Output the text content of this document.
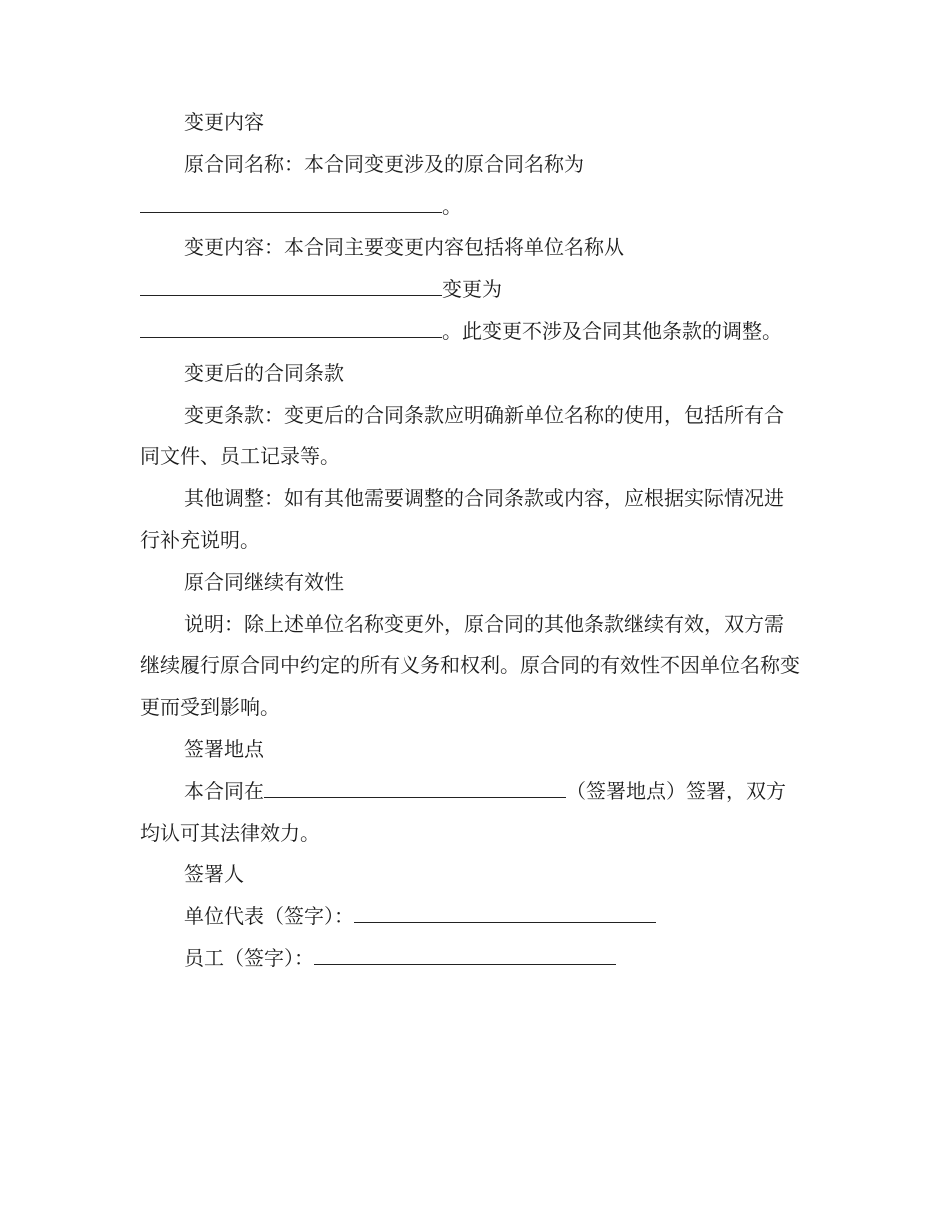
变更内容

原合同名称：本合同变更涉及的原合同名称为

。

变更内容：本合同主要变更内容包括将单位名称从

变更为

。此变更不涉及合同其他条款的调整。

变更后的合同条款

变更条款：变更后的合同条款应明确新单位名称的使用，包括所有合同文件、员工记录等。

其他调整：如有其他需要调整的合同条款或内容，应根据实际情况进行补充说明。

原合同继续有效性

说明：除上述单位名称变更外，原合同的其他条款继续有效，双方需继续履行原合同中约定的所有义务和权利。原合同的有效性不因单位名称变更而受到影响。

签署地点

本合同在	（签署地点）签署，双方均认可其法律效力。

签署人

单位代表（签字）：

员工（签字）：
